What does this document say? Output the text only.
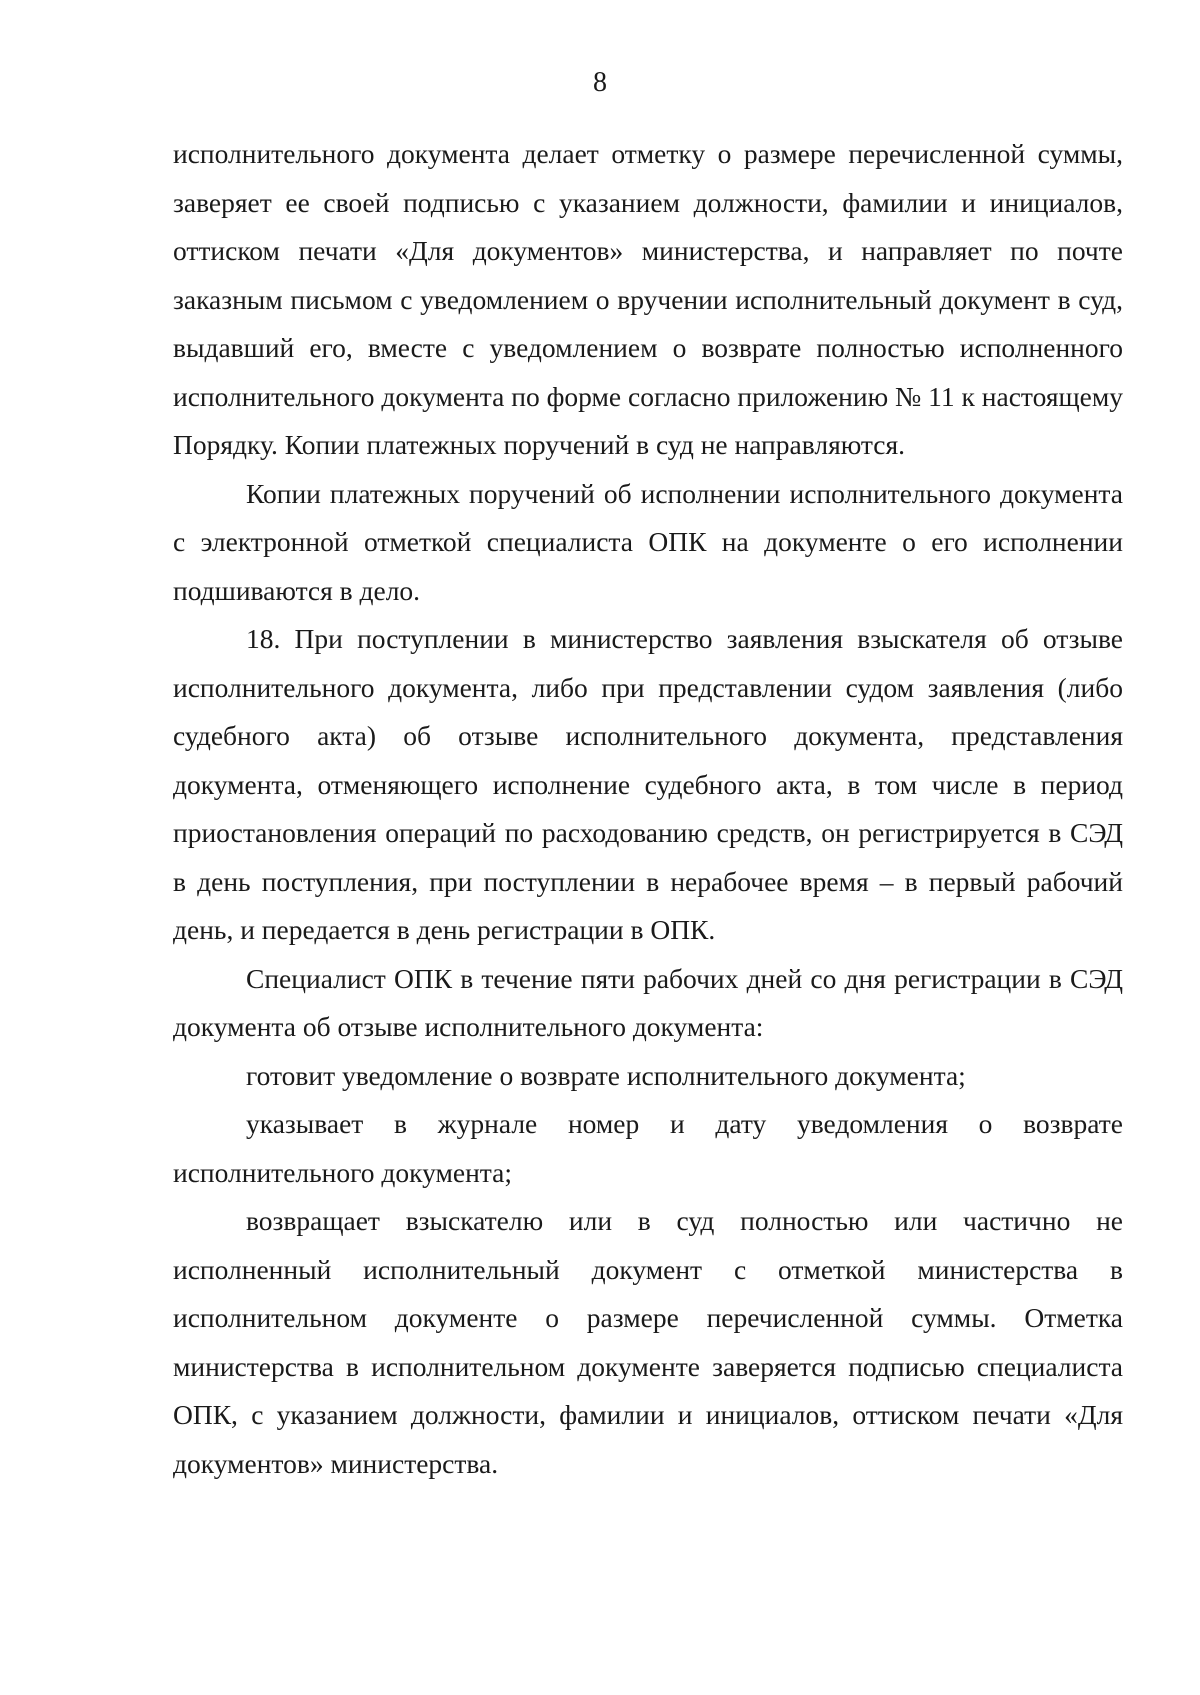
8

исполнительного документа делает отметку о размере перечисленной суммы, заверяет ее своей подписью с указанием должности, фамилии и инициалов, оттиском печати «Для документов» министерства, и направляет по почте заказным письмом с уведомлением о вручении исполнительный документ в суд, выдавший его, вместе с уведомлением о возврате полностью исполненного исполнительного документа по форме согласно приложению № 11 к настоящему Порядку. Копии платежных поручений в суд не направляются.

Копии платежных поручений об исполнении исполнительного документа с электронной отметкой специалиста ОПК на документе о его исполнении подшиваются в дело.

18. При поступлении в министерство заявления взыскателя об отзыве исполнительного документа, либо при представлении судом заявления (либо судебного акта) об отзыве исполнительного документа, представления документа, отменяющего исполнение судебного акта, в том числе в период приостановления операций по расходованию средств, он регистрируется в СЭД в день поступления, при поступлении в нерабочее время – в первый рабочий день, и передается в день регистрации в ОПК.

Специалист ОПК в течение пяти рабочих дней со дня регистрации в СЭД документа об отзыве исполнительного документа:

готовит уведомление о возврате исполнительного документа;

указывает в журнале номер и дату уведомления о возврате исполнительного документа;

возвращает взыскателю или в суд полностью или частично не исполненный исполнительный документ с отметкой министерства в исполнительном документе о размере перечисленной суммы. Отметка министерства в исполнительном документе заверяется подписью специалиста ОПК, с указанием должности, фамилии и инициалов, оттиском печати «Для документов» министерства.
